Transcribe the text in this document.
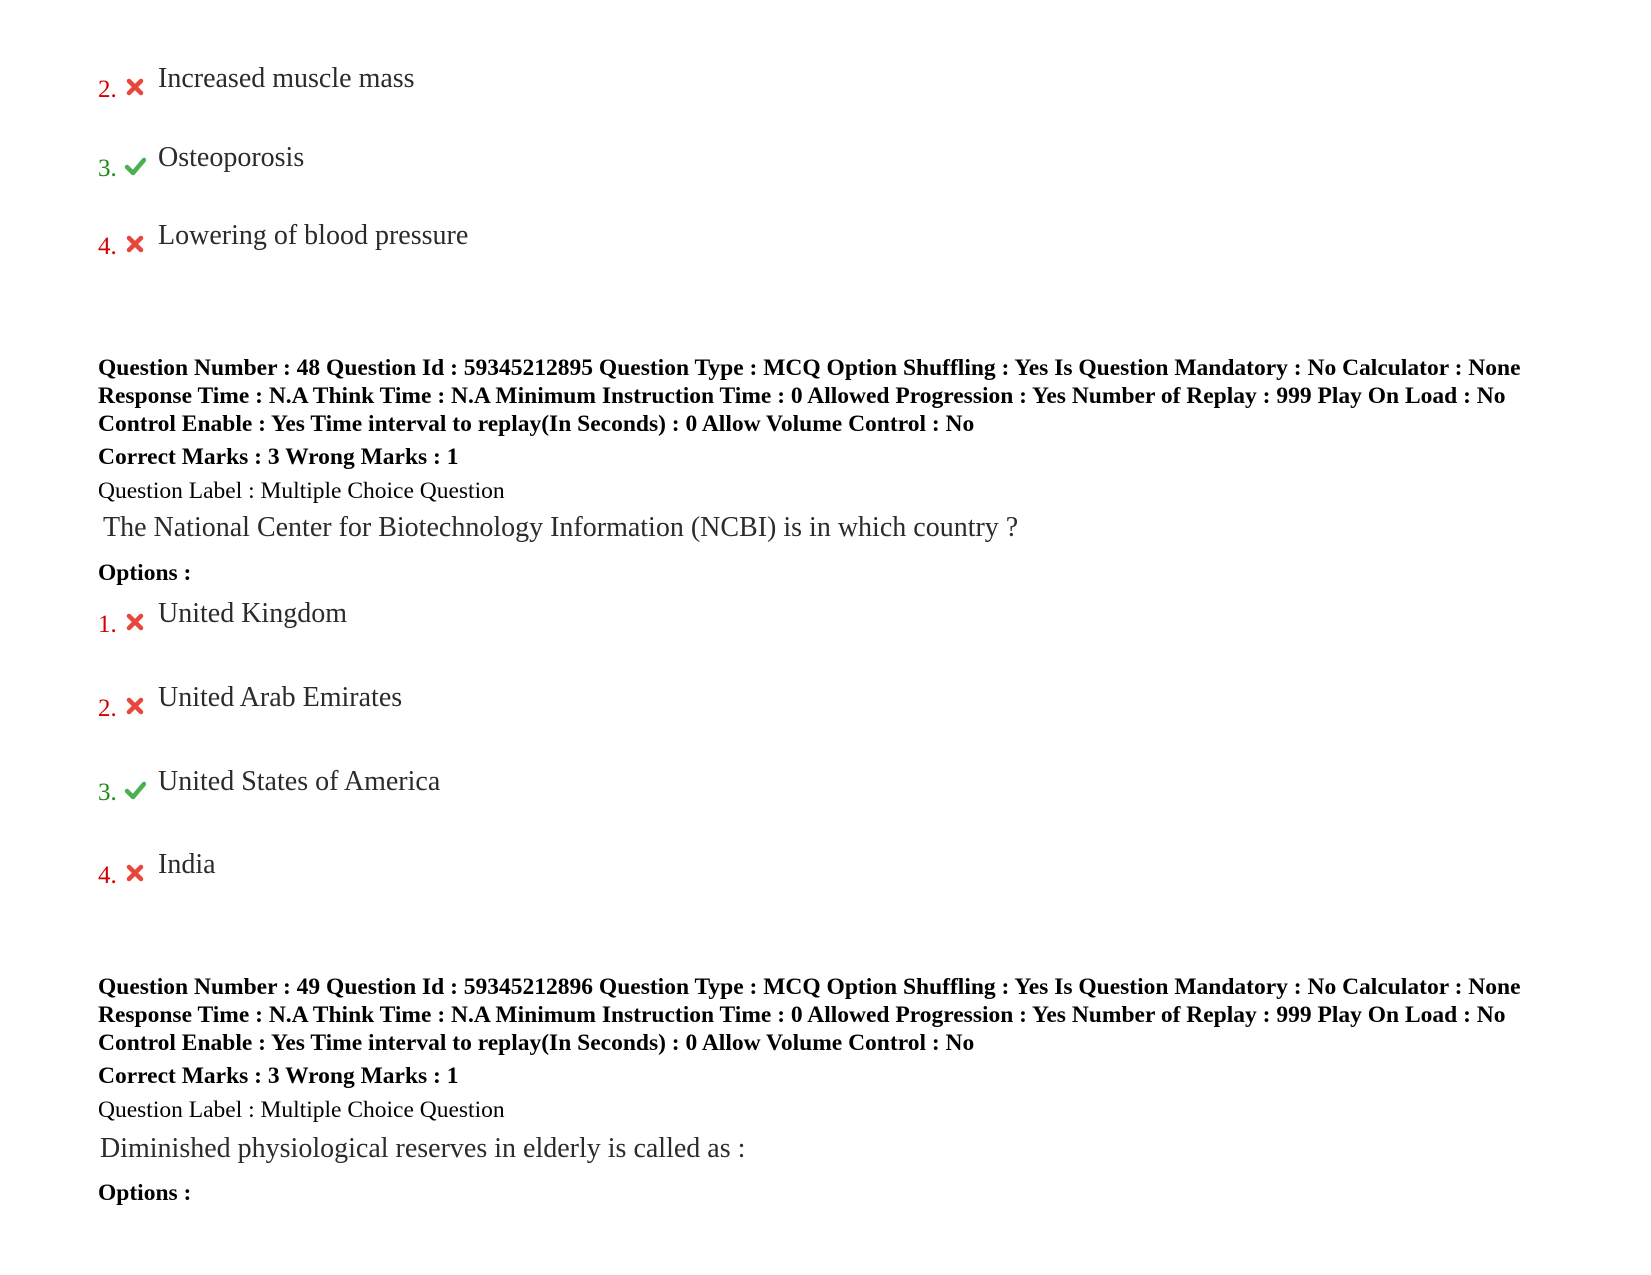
2. Increased muscle mass
3. Osteoporosis
4. Lowering of blood pressure
Question Number : 48 Question Id : 59345212895 Question Type : MCQ Option Shuffling : Yes Is Question Mandatory : No Calculator : None Response Time : N.A Think Time : N.A Minimum Instruction Time : 0 Allowed Progression : Yes Number of Replay : 999 Play On Load : No Control Enable : Yes Time interval to replay(In Seconds) : 0 Allow Volume Control : No
Correct Marks : 3 Wrong Marks : 1
Question Label : Multiple Choice Question
The National Center for Biotechnology Information (NCBI) is in which country ?
Options :
1. United Kingdom
2. United Arab Emirates
3. United States of America
4. India
Question Number : 49 Question Id : 59345212896 Question Type : MCQ Option Shuffling : Yes Is Question Mandatory : No Calculator : None Response Time : N.A Think Time : N.A Minimum Instruction Time : 0 Allowed Progression : Yes Number of Replay : 999 Play On Load : No Control Enable : Yes Time interval to replay(In Seconds) : 0 Allow Volume Control : No
Correct Marks : 3 Wrong Marks : 1
Question Label : Multiple Choice Question
Diminished physiological reserves in elderly is called as :
Options :
